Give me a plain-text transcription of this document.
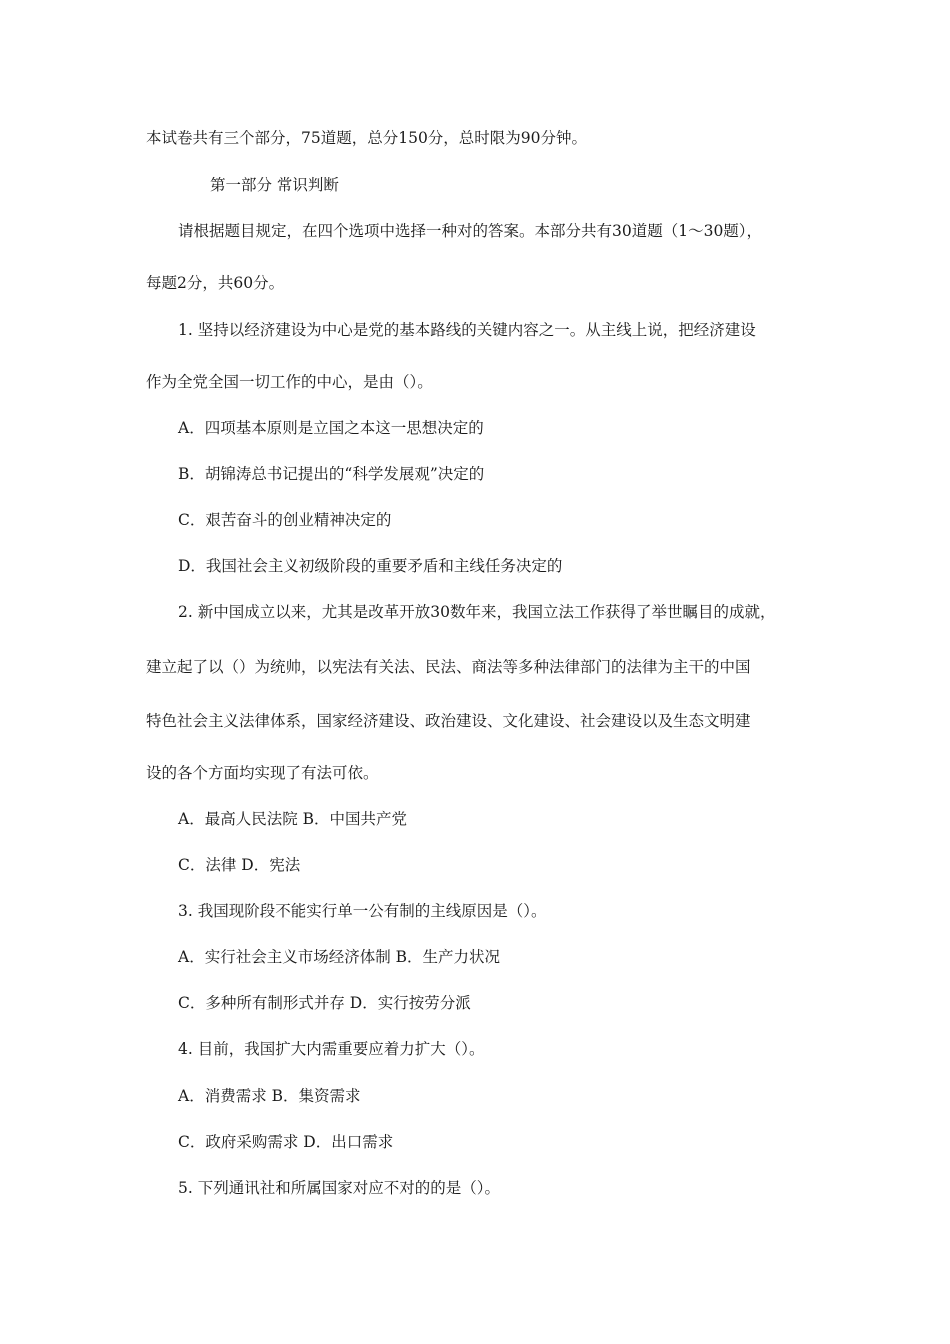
本试卷共有三个部分，75道题，总分150分，总时限为90分钟。
第一部分 常识判断
请根据题目规定，在四个选项中选择一种对的答案。本部分共有30道题（1～30题），
每题2分，共60分。
1. 坚持以经济建设为中心是党的基本路线的关键内容之一。从主线上说，把经济建设
作为全党全国一切工作的中心，是由（）。
A．四项基本原则是立国之本这一思想决定的
B．胡锦涛总书记提出的“科学发展观”决定的
C．艰苦奋斗的创业精神决定的
D．我国社会主义初级阶段的重要矛盾和主线任务决定的
2. 新中国成立以来，尤其是改革开放30数年来，我国立法工作获得了举世瞩目的成就，
建立起了以（）为统帅，以宪法有关法、民法、商法等多种法律部门的法律为主干的中国
特色社会主义法律体系，国家经济建设、政治建设、文化建设、社会建设以及生态文明建
设的各个方面均实现了有法可依。
A．最高人民法院 B．中国共产党
C．法律 D．宪法
3. 我国现阶段不能实行单一公有制的主线原因是（）。
A．实行社会主义市场经济体制 B．生产力状况
C．多种所有制形式并存 D．实行按劳分派
4. 目前，我国扩大内需重要应着力扩大（）。
A．消费需求 B．集资需求
C．政府采购需求 D．出口需求
5. 下列通讯社和所属国家对应不对的的是（）。
